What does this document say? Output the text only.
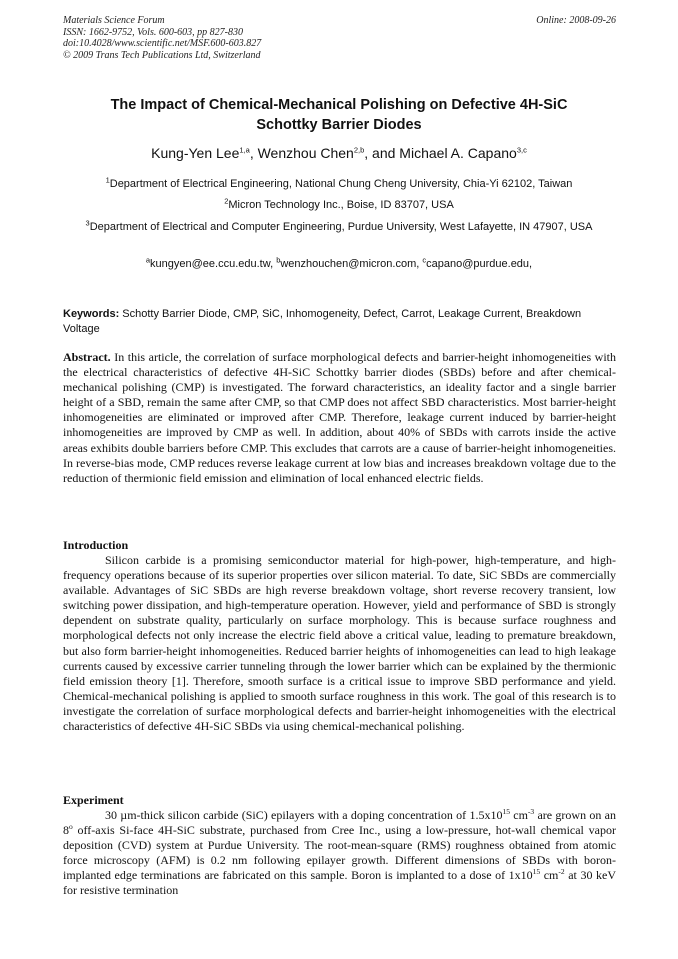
Materials Science Forum
ISSN: 1662-9752, Vols. 600-603, pp 827-830
doi:10.4028/www.scientific.net/MSF.600-603.827
© 2009 Trans Tech Publications Ltd, Switzerland
Online: 2008-09-26
The Impact of Chemical-Mechanical Polishing on Defective 4H-SiC
Schottky Barrier Diodes
Kung-Yen Lee$^{1,a}$, Wenzhou Chen$^{2,b}$, and Michael A. Capano$^{3,c}$
$^1$Department of Electrical Engineering, National Chung Cheng University, Chia-Yi 62102, Taiwan
$^2$Micron Technology Inc., Boise, ID 83707, USA
$^3$Department of Electrical and Computer Engineering, Purdue University, West Lafayette, IN 47907, USA
$^a$kungyen@ee.ccu.edu.tw, $^b$wenzhouchen@micron.com, $^c$capano@purdue.edu,
Keywords: Schotty Barrier Diode, CMP, SiC, Inhomogeneity, Defect, Carrot, Leakage Current, Breakdown Voltage
Abstract. In this article, the correlation of surface morphological defects and barrier-height inhomogeneities with the electrical characteristics of defective 4H-SiC Schottky barrier diodes (SBDs) before and after chemical-mechanical polishing (CMP) is investigated. The forward characteristics, an ideality factor and a single barrier height of a SBD, remain the same after CMP, so that CMP does not affect SBD characteristics. Most barrier-height inhomogeneities are eliminated or improved after CMP. Therefore, leakage current induced by barrier-height inhomogeneities are improved by CMP as well. In addition, about 40% of SBDs with carrots inside the active areas exhibits double barriers before CMP. This excludes that carrots are a cause of barrier-height inhomogeneities. In reverse-bias mode, CMP reduces reverse leakage current at low bias and increases breakdown voltage due to the reduction of thermionic field emission and elimination of local enhanced electric fields.
Introduction
Silicon carbide is a promising semiconductor material for high-power, high-temperature, and high-frequency operations because of its superior properties over silicon material. To date, SiC SBDs are commercially available. Advantages of SiC SBDs are high reverse breakdown voltage, short reverse recovery transient, low switching power dissipation, and high-temperature operation. However, yield and performance of SBD is strongly dependent on substrate quality, particularly on surface morphology. This is because surface roughness and morphological defects not only increase the electric field above a critical value, leading to premature breakdown, but also form barrier-height inhomogeneities. Reduced barrier heights of inhomogeneities can lead to high leakage currents caused by excessive carrier tunneling through the lower barrier which can be explained by the thermionic field emission theory [1]. Therefore, smooth surface is a critical issue to improve SBD performance and yield. Chemical-mechanical polishing is applied to smooth surface roughness in this work. The goal of this research is to investigate the correlation of surface morphological defects and barrier-height inhomogeneities with the electrical characteristics of defective 4H-SiC SBDs via using chemical-mechanical polishing.
Experiment
30 µm-thick silicon carbide (SiC) epilayers with a doping concentration of $1.5x10^{15}$ $cm^{-3}$ are grown on an 8$^o$ off-axis Si-face 4H-SiC substrate, purchased from Cree Inc., using a low-pressure, hot-wall chemical vapor deposition (CVD) system at Purdue University. The root-mean-square (RMS) roughness obtained from atomic force microscopy (AFM) is 0.2 nm following epilayer growth. Different dimensions of SBDs with boron-implanted edge terminations are fabricated on this sample. Boron is implanted to a dose of $1x10^{15}$ $cm^{-2}$ at 30 keV for resistive termination
